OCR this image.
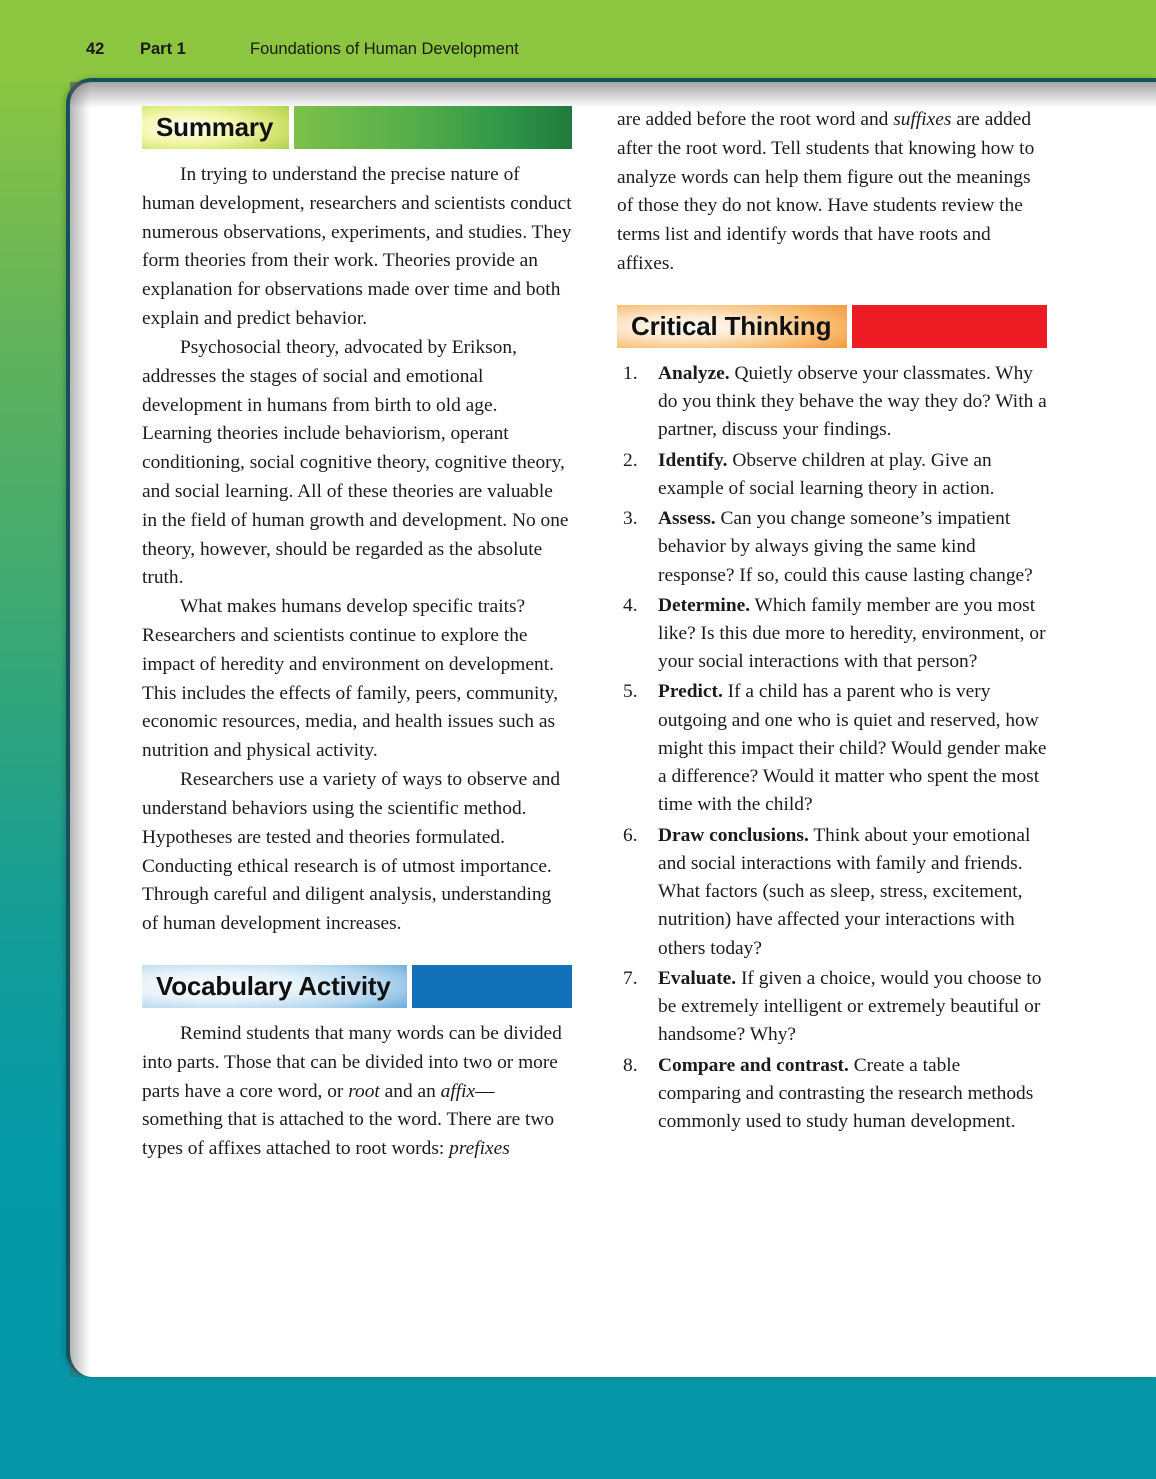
42	Part 1	Foundations of Human Development
Summary

In trying to understand the precise nature of human development, researchers and scientists conduct numerous observations, experiments, and studies. They form theories from their work. Theories provide an explanation for observations made over time and both explain and predict behavior.

Psychosocial theory, advocated by Erikson, addresses the stages of social and emotional development in humans from birth to old age. Learning theories include behaviorism, operant conditioning, social cognitive theory, cognitive theory, and social learning. All of these theories are valuable in the field of human growth and development. No one theory, however, should be regarded as the absolute truth.

What makes humans develop specific traits? Researchers and scientists continue to explore the impact of heredity and environment on development. This includes the effects of family, peers, community, economic resources, media, and health issues such as nutrition and physical activity.

Researchers use a variety of ways to observe and understand behaviors using the scientific method. Hypotheses are tested and theories formulated. Conducting ethical research is of utmost importance. Through careful and diligent analysis, understanding of human development increases.

Vocabulary Activity

Remind students that many words can be divided into parts. Those that can be divided into two or more parts have a core word, or root and an affix—something that is attached to the word. There are two types of affixes attached to root words: prefixes

are added before the root word and suffixes are added after the root word. Tell students that knowing how to analyze words can help them figure out the meanings of those they do not know. Have students review the terms list and identify words that have roots and affixes.

Critical Thinking
Analyze. Quietly observe your classmates. Why do you think they behave the way they do? With a partner, discuss your findings.
Identify. Observe children at play. Give an example of social learning theory in action.
Assess. Can you change someone’s impatient behavior by always giving the same kind response? If so, could this cause lasting change?
Determine. Which family member are you most like? Is this due more to heredity, environment, or your social interactions with that person?
Predict. If a child has a parent who is very outgoing and one who is quiet and reserved, how might this impact their child? Would gender make a difference? Would it matter who spent the most time with the child?
Draw conclusions. Think about your emotional and social interactions with family and friends. What factors (such as sleep, stress, excitement, nutrition) have affected your interactions with others today?
Evaluate. If given a choice, would you choose to be extremely intelligent or extremely beautiful or handsome? Why?
Compare and contrast. Create a table comparing and contrasting the research methods commonly used to study human development.
